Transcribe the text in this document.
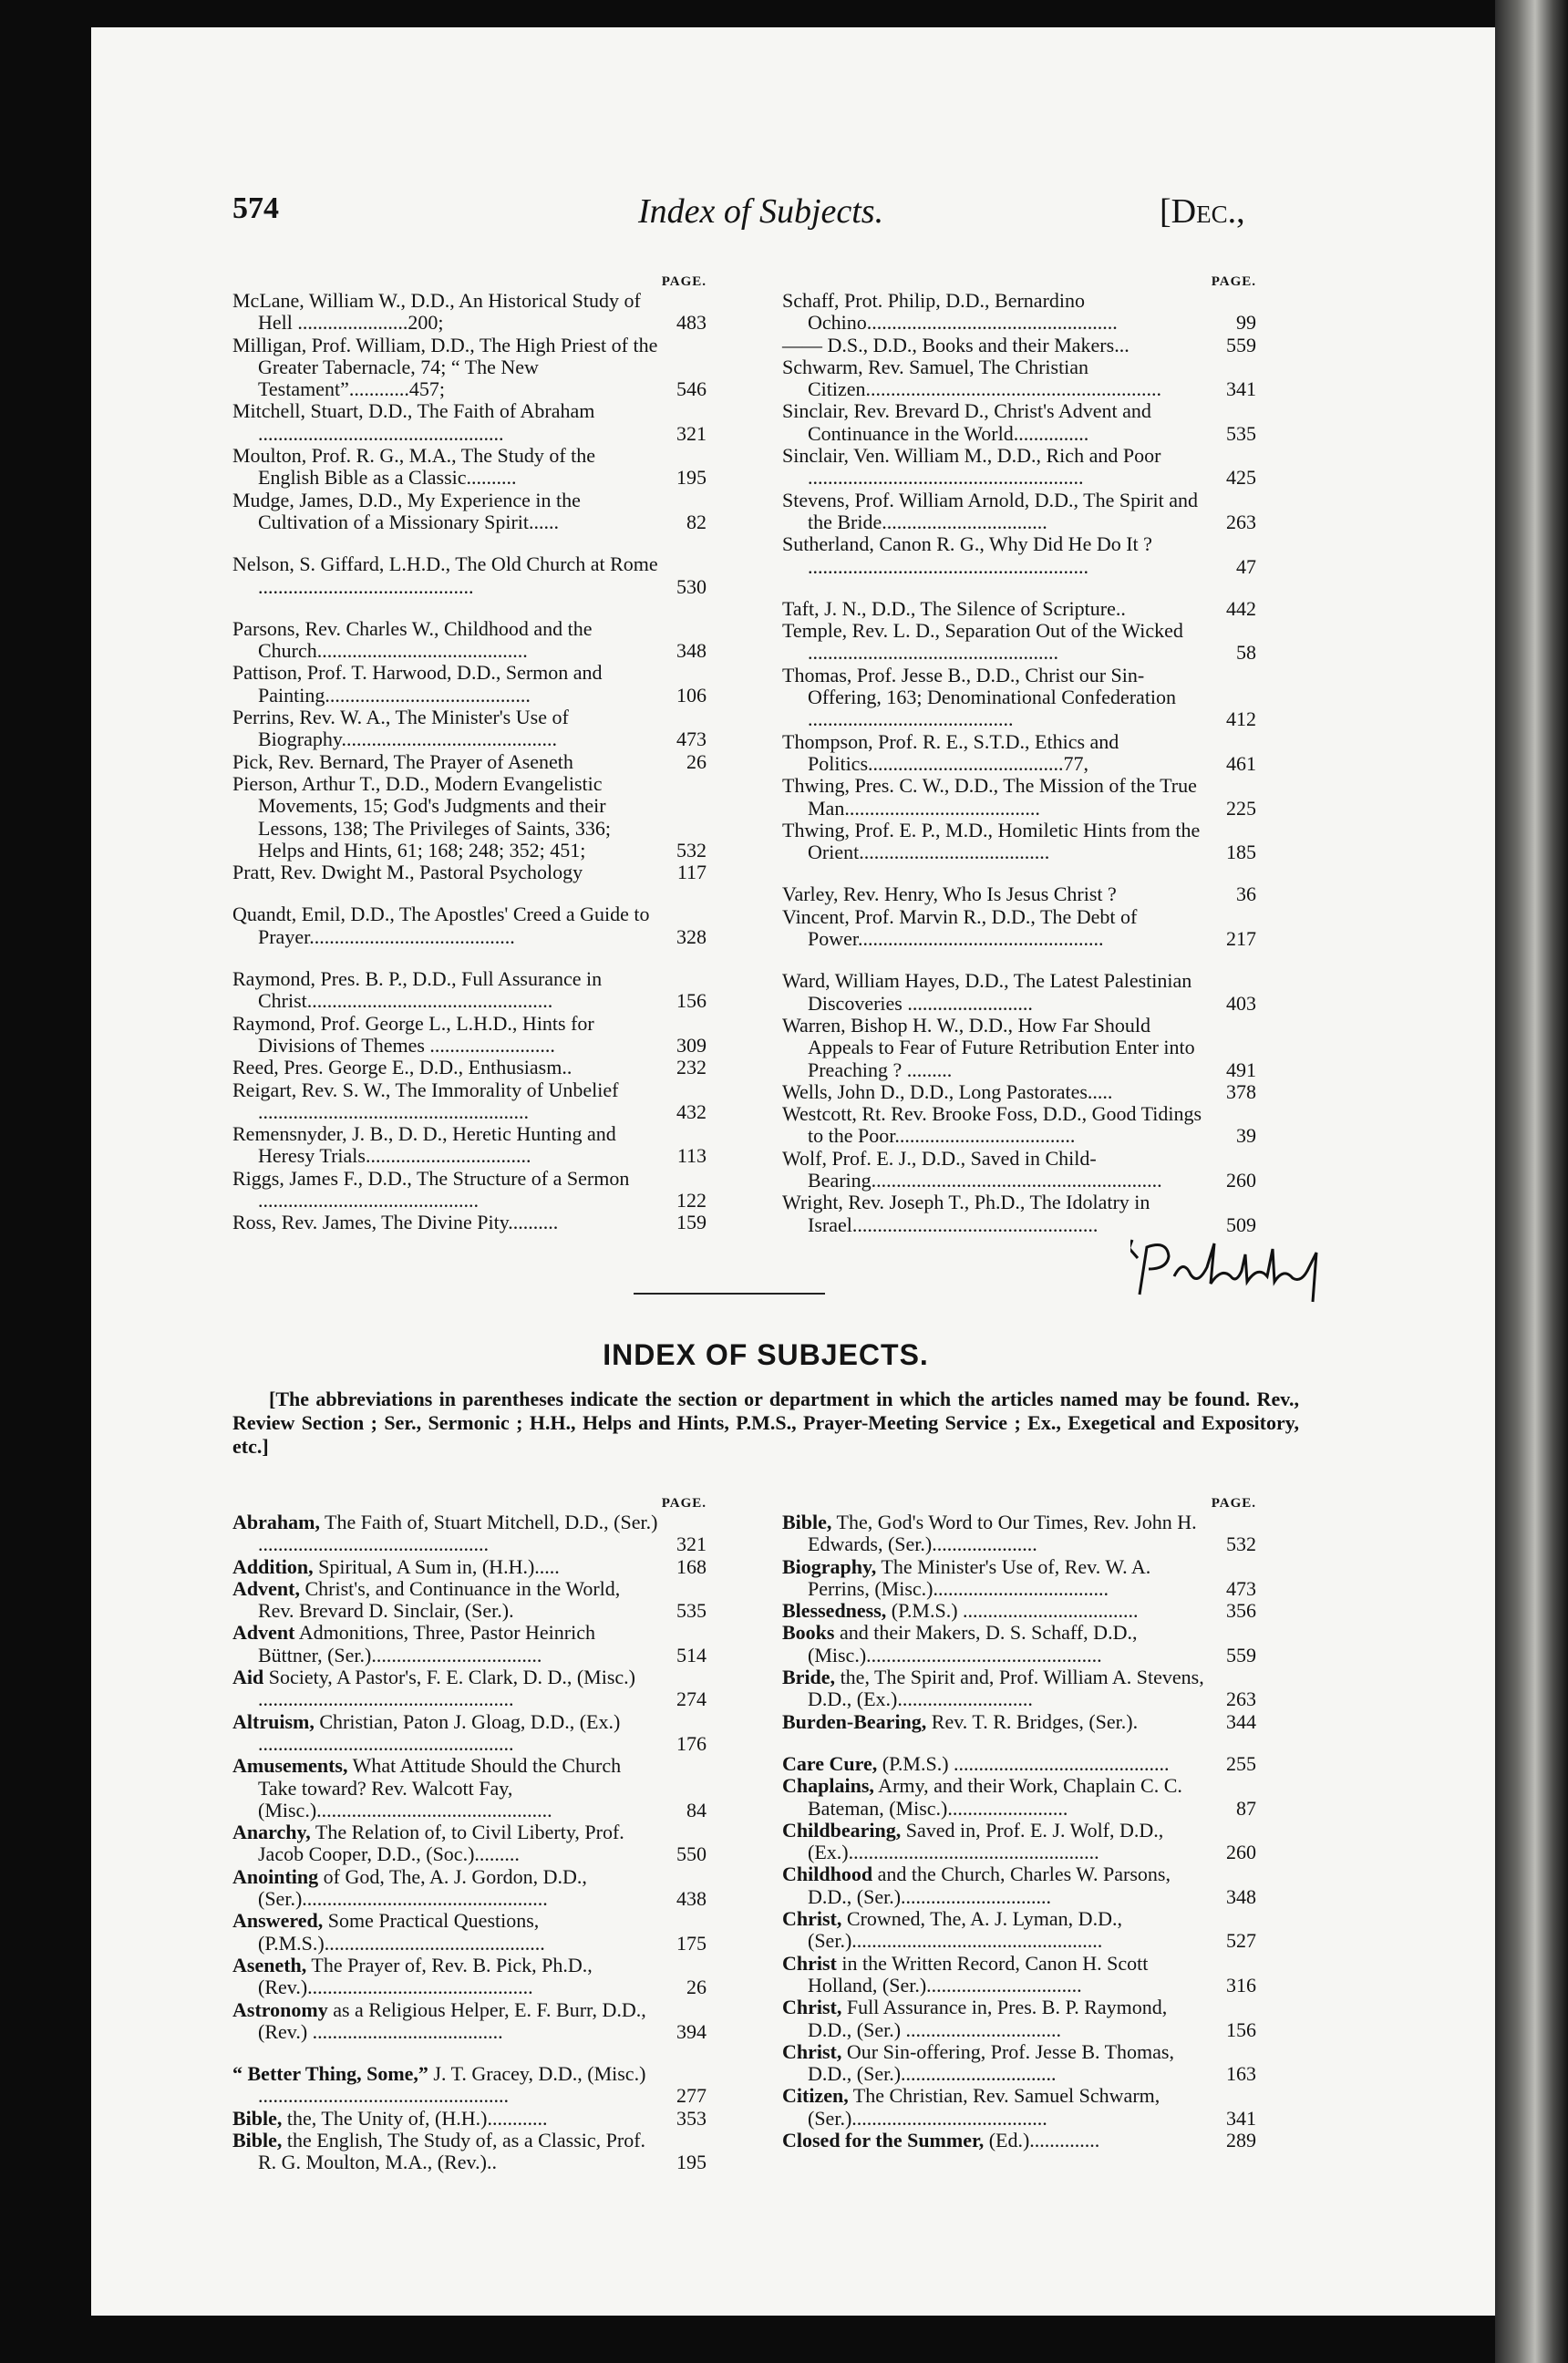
574	Index of Subjects.	[Dec.,
PAGE.
McLane, William W., D.D., An Historical Study of Hell ......................200;	483
Milligan, Prof. William, D.D., The High Priest of the Greater Tabernacle, 74; “ The New Testament”............457;	546
Mitchell, Stuart, D.D., The Faith of Abraham .................................................	321
Moulton, Prof. R. G., M.A., The Study of the English Bible as a Classic..........	195
Mudge, James, D.D., My Experience in the Cultivation of a Missionary Spirit......	82
Nelson, S. Giffard, L.H.D., The Old Church at Rome ...........................................	530
Parsons, Rev. Charles W., Childhood and the Church..........................................	348
Pattison, Prof. T. Harwood, D.D., Sermon and Painting.........................................	106
Perrins, Rev. W. A., The Minister's Use of Biography...........................................	473
Pick, Rev. Bernard, The Prayer of Aseneth	26
Pierson, Arthur T., D.D., Modern Evangelistic Movements, 15; God's Judgments and their Lessons, 138; The Privileges of Saints, 336; Helps and Hints, 61; 168; 248; 352; 451;	532
Pratt, Rev. Dwight M., Pastoral Psychology	117
Quandt, Emil, D.D., The Apostles' Creed a Guide to Prayer.........................................	328
Raymond, Pres. B. P., D.D., Full Assurance in Christ.................................................	156
Raymond, Prof. George L., L.H.D., Hints for Divisions of Themes .........................	309
Reed, Pres. George E., D.D., Enthusiasm..	232
Reigart, Rev. S. W., The Immorality of Unbelief ......................................................	432
Remensnyder, J. B., D. D., Heretic Hunting and Heresy Trials.................................	113
Riggs, James F., D.D., The Structure of a Sermon ............................................	122
Ross, Rev. James, The Divine Pity..........	159
PAGE.
Schaff, Prot. Philip, D.D., Bernardino Ochino..................................................	99
—— D.S., D.D., Books and their Makers...	559
Schwarm, Rev. Samuel, The Christian Citizen...........................................................	341
Sinclair, Rev. Brevard D., Christ's Advent and Continuance in the World...............	535
Sinclair, Ven. William M., D.D., Rich and Poor .......................................................	425
Stevens, Prof. William Arnold, D.D., The Spirit and the Bride.................................	263
Sutherland, Canon R. G., Why Did He Do It ? ........................................................	47
Taft, J. N., D.D., The Silence of Scripture..	442
Temple, Rev. L. D., Separation Out of the Wicked ..................................................	58
Thomas, Prof. Jesse B., D.D., Christ our Sin-Offering, 163; Denominational Confederation .........................................	412
Thompson, Prof. R. E., S.T.D., Ethics and Politics.......................................77,	461
Thwing, Pres. C. W., D.D., The Mission of the True Man.......................................	225
Thwing, Prof. E. P., M.D., Homiletic Hints from the Orient......................................	185
Varley, Rev. Henry, Who Is Jesus Christ ?	36
Vincent, Prof. Marvin R., D.D., The Debt of Power.................................................	217
Ward, William Hayes, D.D., The Latest Palestinian Discoveries .........................	403
Warren, Bishop H. W., D.D., How Far Should Appeals to Fear of Future Retribution Enter into Preaching ? .........	491
Wells, John D., D.D., Long Pastorates.....	378
Westcott, Rt. Rev. Brooke Foss, D.D., Good Tidings to the Poor....................................	39
Wolf, Prof. E. J., D.D., Saved in Child-Bearing..........................................................	260
Wright, Rev. Joseph T., Ph.D., The Idolatry in Israel.................................................	509
INDEX OF SUBJECTS.
[The abbreviations in parentheses indicate the section or department in which the articles named may be found. Rev., Review Section ; Ser., Sermonic ; H.H., Helps and Hints, P.M.S., Prayer-Meeting Service ; Ex., Exegetical and Expository, etc.]
PAGE.
Abraham, The Faith of, Stuart Mitchell, D.D., (Ser.) ..............................................	321
Addition, Spiritual, A Sum in, (H.H.).....	168
Advent, Christ's, and Continuance in the World, Rev. Brevard D. Sinclair, (Ser.).	535
Advent Admonitions, Three, Pastor Heinrich Büttner, (Ser.)..................................	514
Aid Society, A Pastor's, F. E. Clark, D. D., (Misc.) ...................................................	274
Altruism, Christian, Paton J. Gloag, D.D., (Ex.) ...................................................	176
Amusements, What Attitude Should the Church Take toward? Rev. Walcott Fay, (Misc.)...............................................	84
Anarchy, The Relation of, to Civil Liberty, Prof. Jacob Cooper, D.D., (Soc.).........	550
Anointing of God, The, A. J. Gordon, D.D., (Ser.).................................................	438
Answered, Some Practical Questions, (P.M.S.)............................................	175
Aseneth, The Prayer of, Rev. B. Pick, Ph.D., (Rev.).............................................	26
Astronomy as a Religious Helper, E. F. Burr, D.D., (Rev.) ......................................	394
“ Better Thing, Some,” J. T. Gracey, D.D., (Misc.) ..................................................	277
Bible, the, The Unity of, (H.H.)............	353
Bible, the English, The Study of, as a Classic, Prof. R. G. Moulton, M.A., (Rev.)..	195
PAGE.
Bible, The, God's Word to Our Times, Rev. John H. Edwards, (Ser.).....................	532
Biography, The Minister's Use of, Rev. W. A. Perrins, (Misc.)...................................	473
Blessedness, (P.M.S.) ...................................	356
Books and their Makers, D. S. Schaff, D.D., (Misc.)...............................................	559
Bride, the, The Spirit and, Prof. William A. Stevens, D.D., (Ex.)...........................	263
Burden-Bearing, Rev. T. R. Bridges, (Ser.).	344
Care Cure, (P.M.S.) ...........................................	255
Chaplains, Army, and their Work, Chaplain C. C. Bateman, (Misc.)........................	87
Childbearing, Saved in, Prof. E. J. Wolf, D.D., (Ex.)..................................................	260
Childhood and the Church, Charles W. Parsons, D.D., (Ser.)..............................	348
Christ, Crowned, The, A. J. Lyman, D.D., (Ser.)..................................................	527
Christ in the Written Record, Canon H. Scott Holland, (Ser.)...............................	316
Christ, Full Assurance in, Pres. B. P. Raymond, D.D., (Ser.) ...............................	156
Christ, Our Sin-offering, Prof. Jesse B. Thomas, D.D., (Ser.)...............................	163
Citizen, The Christian, Rev. Samuel Schwarm, (Ser.).......................................	341
Closed for the Summer, (Ed.)..............	289
